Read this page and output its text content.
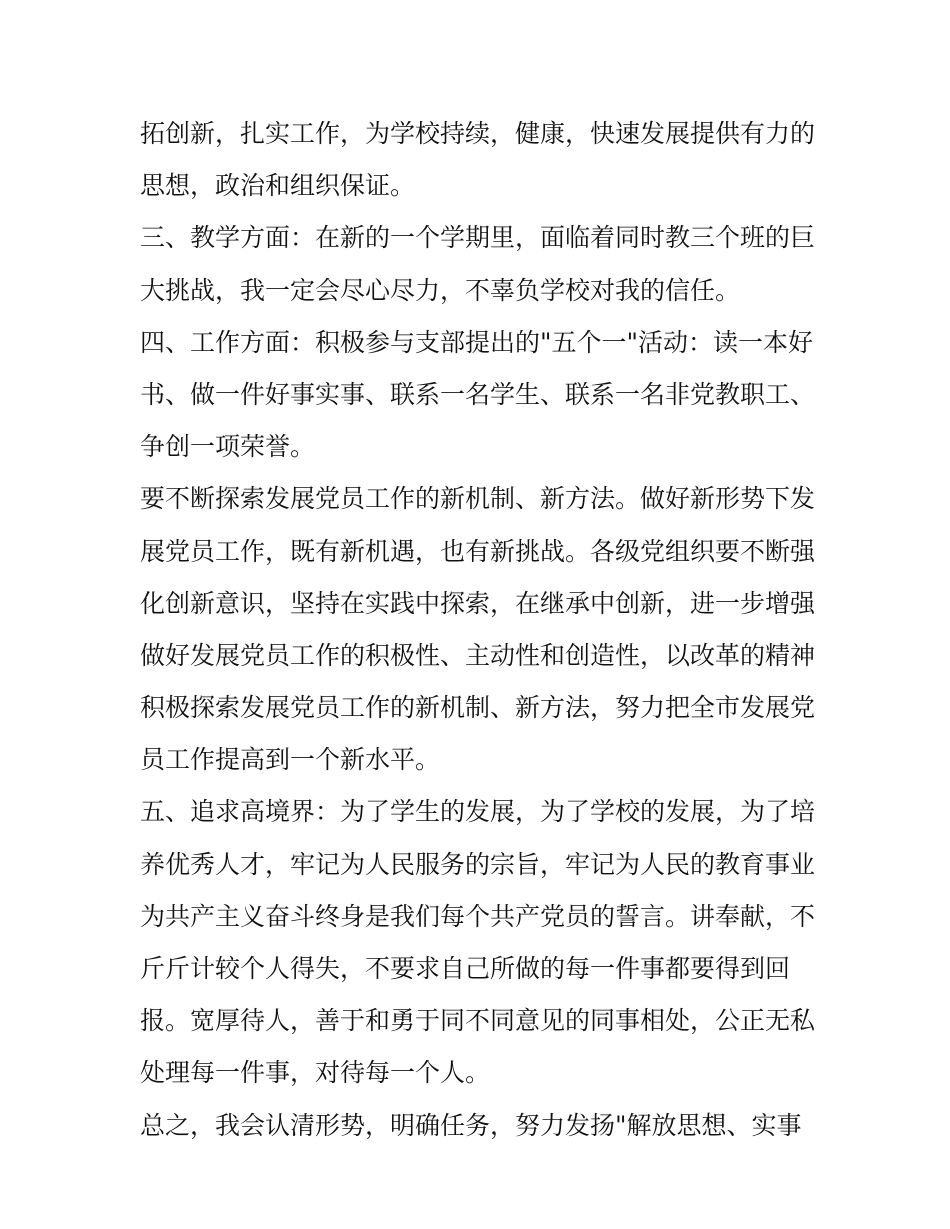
拓创新，扎实工作，为学校持续，健康，快速发展提供有力的

思想，政治和组织保证。

三、教学方面：在新的一个学期里，面临着同时教三个班的巨

大挑战，我一定会尽心尽力，不辜负学校对我的信任。

四、工作方面：积极参与支部提出的"五个一"活动：读一本好

书、做一件好事实事、联系一名学生、联系一名非党教职工、

争创一项荣誉。

要不断探索发展党员工作的新机制、新方法。做好新形势下发

展党员工作，既有新机遇，也有新挑战。各级党组织要不断强

化创新意识，坚持在实践中探索，在继承中创新，进一步增强

做好发展党员工作的积极性、主动性和创造性，以改革的精神

积极探索发展党员工作的新机制、新方法，努力把全市发展党

员工作提高到一个新水平。

五、追求高境界：为了学生的发展，为了学校的发展，为了培

养优秀人才，牢记为人民服务的宗旨，牢记为人民的教育事业

为共产主义奋斗终身是我们每个共产党员的誓言。讲奉献，不

斤斤计较个人得失，不要求自己所做的每一件事都要得到回

报。宽厚待人，善于和勇于同不同意见的同事相处，公正无私

处理每一件事，对待每一个人。

总之，我会认清形势，明确任务，努力发扬"解放思想、实事
